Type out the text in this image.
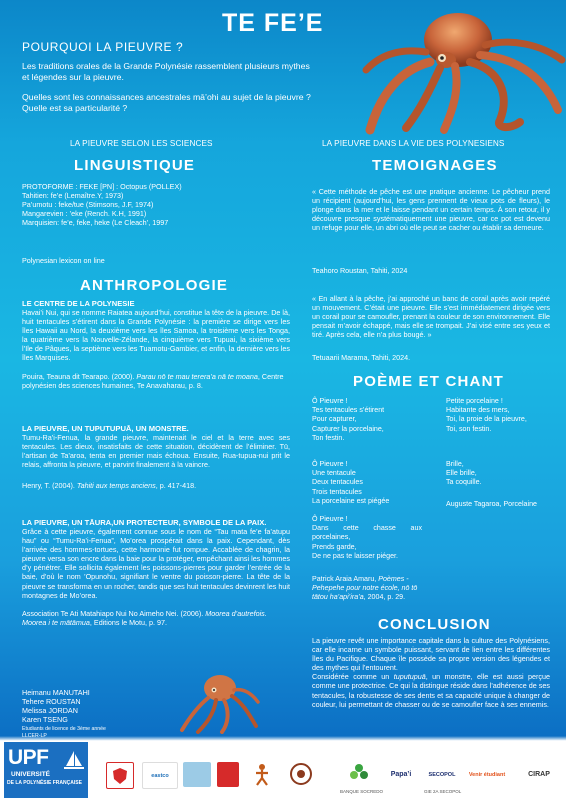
TE FE’E
POURQUOI LA PIEUVRE ?

Les traditions orales de la Grande Polynésie rassemblent plusieurs mythes et légendes sur la pieuvre.

Quelles sont les connaissances ancestrales mā’ohi au sujet de la pieuvre ? Quelle est sa particularité ?

LA PIEUVRE SELON LES SCIENCES
LINGUISTIQUE
PROTOFORME : FEKE [PN] : Octopus (POLLEX)
Tahitien: fe’e (Lemaître.Y, 1973)
Pa’umotu : feke/tue (Stimsons, J.F, 1974)
Mangarevien : ’eke (Rench. K.H, 1991)
Marquisien: fe’e, feke, heke (Le Cleach’, 1997
Polynesian lexicon on line
ANTHROPOLOGIE
LE CENTRE DE LA POLYNESIE

Havai’i Nui, qui se nomme Raiatea aujourd’hui, constitue la tête de la pieuvre. De là, huit tentacules s’étirent dans la Grande Polynésie : la première se dirige vers les îles Hawaii au Nord, la deuxième vers les îles Samoa, la troisième vers les Tonga, la quatrième vers la Nouvelle-Zélande, la cinquième vers Tupuai, la sixième vers l’Ile de Pâques, la septième vers les Tuamotu-Gambier, et enfin, la dernière vers les îles Marquises.

Pouira, Teauna dit Tearapo. (2000). Parau nō te mau terera’a nā te moana, Centre polynésien des sciences humaines, Te Anavaharau, p. 8.

LA PIEUVRE, UN TUPUTUPUĀ, UN MONSTRE.

Tumu-Ra’i-Fenua, la grande pieuvre, maintenait le ciel et la terre avec ses tentacules. Les dieux, insatisfaits de cette situation, décidèrent de l’éliminer. Tū, l’artisan de Ta’aroa, tenta en premier mais échoua. Ensuite, Rua-tupua-nui prit le relais, affronta la pieuvre, et parvint finalement à la vaincre.

Henry, T. (2004). Tahiti aux temps anciens, p. 417-418.

LA PIEUVRE, UN TĀURA,UN PROTECTEUR, SYMBOLE DE LA PAIX.

Grâce à cette pieuvre, également connue sous le nom de “Tau mata fe’e fa’atupu hau” ou “Tumu-Ra’i-Fenua”, Mo’orea prospérait dans la paix. Cependant, dès l’arrivée des hommes-tortues, cette harmonie fut rompue. Accablée de chagrin, la pieuvre versa son encre dans la baie pour la protéger, empêchant ainsi les hommes d’y pénétrer. Elle sollicita également les poissons-pierres pour garder l’entrée de la baie, d’où le nom ’Opunohu, signifiant le ventre du poisson-pierre. La tête de la pieuvre se transforma en un rocher, tandis que ses huit tentacules devinrent les huit montagnes de Mo’orea.

Association Te Ati Matahiapo Nui No Aimeho Nei. (2006). Moorea d’autrefois. Moorea i te mātāmua, Editions le Motu, p. 97.

Heimanu MANUTAHI
Tehere ROUSTAN
Melissa JORDAN
Karen TSENG
Etudiants de licence de 3ème année
LLCER-LP
LA PIEUVRE DANS LA VIE DES POLYNESIENS
TEMOIGNAGES

« Cette méthode de pêche est une pratique ancienne. Le pêcheur prend un récipient (aujourd’hui, les gens prennent de vieux pots de fleurs), le plonge dans la mer et le laisse pendant un certain temps. À son retour, il y découvre presque systématiquement une pieuvre, car ce pot est devenu un refuge pour elle, un abri où elle peut se cacher ou établir sa demeure.

Teahoro Roustan, Tahiti, 2024

« En allant à la pêche, j’ai approché un banc de corail après avoir repéré un mouvement. C’était une pieuvre. Elle s’est immédiatement dirigée vers un corail pour se camoufler, prenant la couleur de son environnement. Elle pensait m’avoir échappé, mais elle se trompait. J’ai visé entre ses yeux et tiré. Après cela, elle n’a plus bougé. »

Tetuaarii Marama, Tahiti, 2024.
POÈME ET CHANT
Ô Pieuvre !
Tes tentacules s’étirent
Pour capturer,
Capturer la porcelaine,
Ton festin.
Ô Pieuvre !
Une tentacule
Deux tentacules
Trois tentacules
La porcelaine est piégée
Ô Pieuvre !
Dans cette chasse aux porcelaines,
Prends garde,
De ne pas te laisser piéger.
Patrick Araia Amaru, Poèmes - Pehepehe pour notre école, nō tō tātou ha’api’ira’a, 2004, p. 29.
Petite porcelaine !
Habitante des mers,
Toi, la proie de la pieuvre,
Toi, son festin.
Brille,
Elle brille,
Ta coquille.
Auguste Tagaroa, Porcelaine
CONCLUSION

La pieuvre revêt une importance capitale dans la culture des Polynésiens, car elle incarne un symbole puissant, servant de lien entre les différentes îles du Pacifique. Chaque île possède sa propre version des légendes et des mythes qui l’entourent.

Considérée comme un tuputupuā, un monstre, elle est aussi perçue comme une protectrice. Ce qui la distingue réside dans l’adhérence de ses tentacules, la robustesse de ses dents et sa capacité unique à changer de couleur, lui permettant de chasser ou de se camoufler face à ses ennemis.

UPF
UNIVERSITÉ
DE LA POLYNÉSIE FRANÇAISE
eastco
BANQUE SOCREDO
Papa’i	SECOPOL
GIE 2A SECOPOL
Venir étudiant	CIRAP
